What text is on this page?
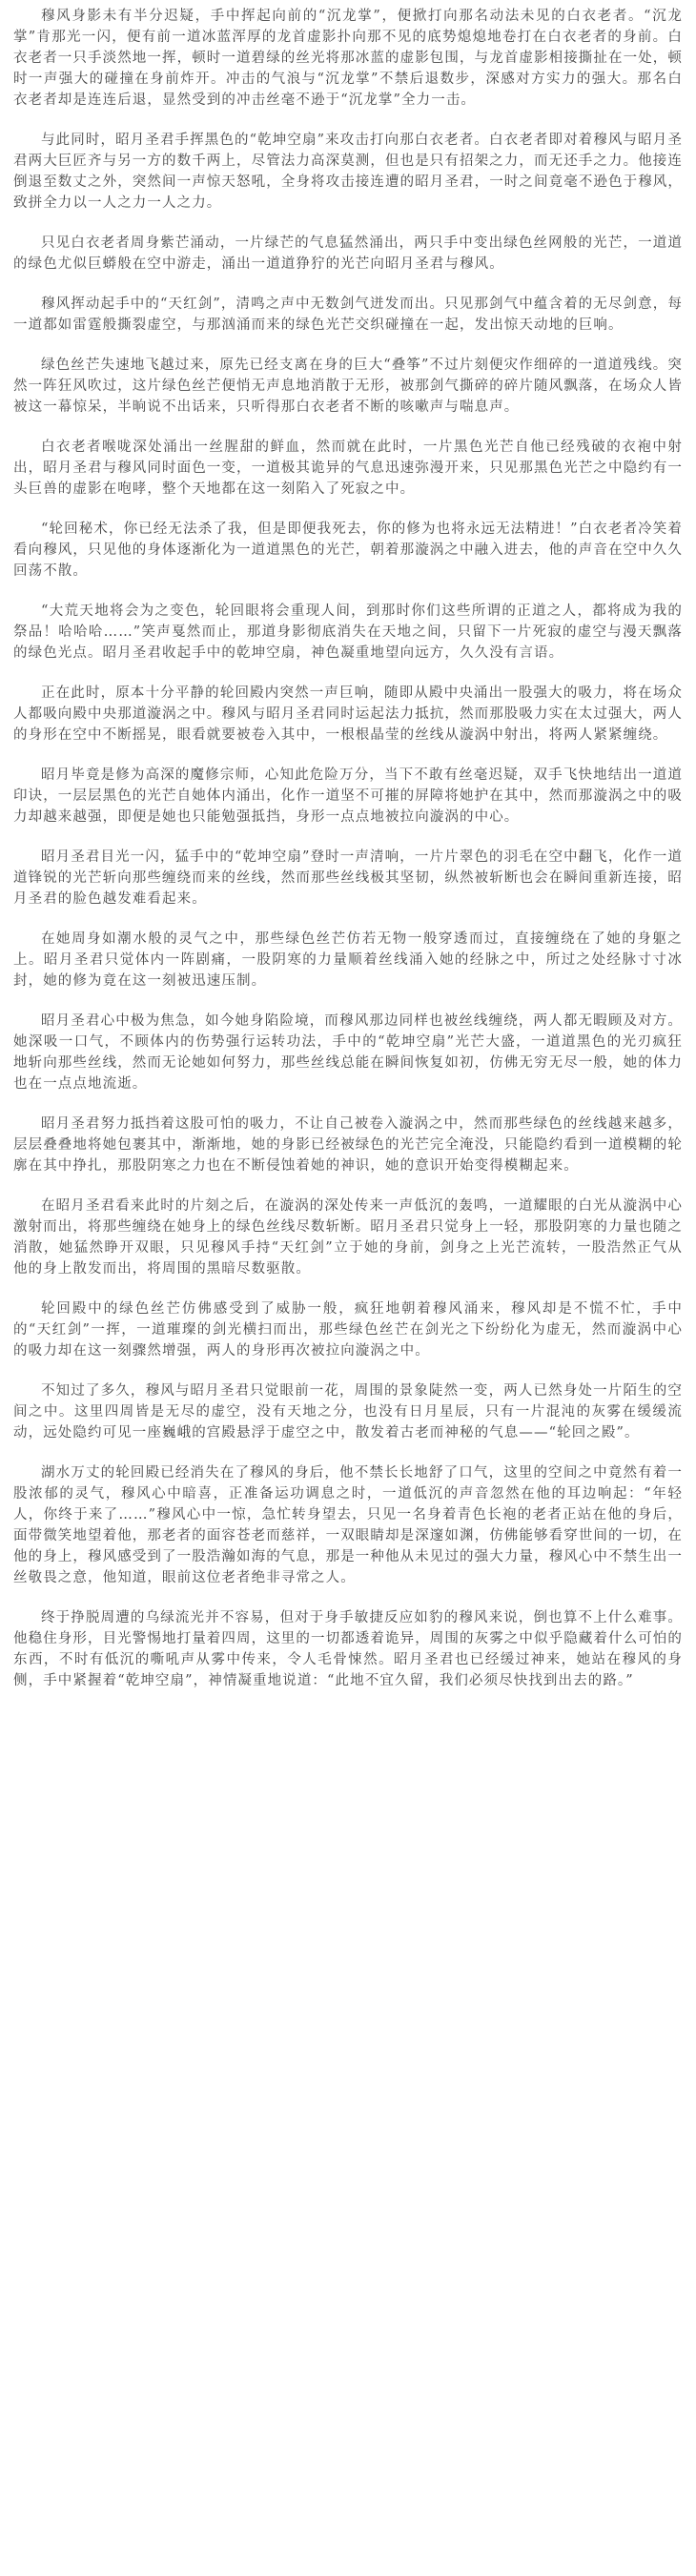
穆风身影未有半分迟疑，手中挥起向前的“沉龙掌”，便掀打向那名动法未见的白衣老者。“沉龙掌”肯那光一闪，便有前一道冰蓝浑厚的龙首虚影扑向那不见的底势熄熄地卷打在白衣老者的身前。白衣老者一只手淡然地一挥，顿时一道碧绿的丝光将那冰蓝的虚影包围，与龙首虚影相接撕扯在一处，顿时一声强大的碰撞在身前炸开。冲击的气浪与“沉龙掌”不禁后退数步，深感对方实力的强大。那名白衣老者却是连连后退，显然受到的冲击丝毫不逊于“沉龙掌”全力一击。

与此同时，昭月圣君手挥黑色的“乾坤空扇”来攻击打向那白衣老者。白衣老者即对着穆风与昭月圣君两大巨匠齐与另一方的数千两上，尽管法力高深莫测，但也是只有招架之力，而无还手之力。他接连倒退至数丈之外，突然间一声惊天怒吼，全身将攻击接连遭的昭月圣君，一时之间竟毫不逊色于穆风，致拼全力以一人之力一人之力。

只见白衣老者周身紫芒涌动，一片绿芒的气息猛然涌出，两只手中变出绿色丝网般的光芒，一道道的绿色尤似巨蟒般在空中游走，涌出一道道狰狞的光芒向昭月圣君与穆风。

穆风挥动起手中的“天红剑”，清鸣之声中无数剑气迸发而出。只见那剑气中蕴含着的无尽剑意，每一道都如雷霆般撕裂虚空，与那汹涌而来的绿色光芒交织碰撞在一起，发出惊天动地的巨响。

绿色丝芒失速地飞越过来，原先已经支离在身的巨大“叠筝”不过片刻便灾作细碎的一道道残线。突然一阵狂风吹过，这片绿色丝芒便悄无声息地消散于无形，被那剑气撕碎的碎片随风飘落，在场众人皆被这一幕惊呆，半晌说不出话来，只听得那白衣老者不断的咳嗽声与喘息声。

白衣老者喉咙深处涌出一丝腥甜的鲜血，然而就在此时，一片黑色光芒自他已经残破的衣袍中射出，昭月圣君与穆风同时面色一变，一道极其诡异的气息迅速弥漫开来，只见那黑色光芒之中隐约有一头巨兽的虚影在咆哮，整个天地都在这一刻陷入了死寂之中。

“轮回秘术，你已经无法杀了我，但是即便我死去，你的修为也将永远无法精进！”白衣老者冷笑着看向穆风，只见他的身体逐渐化为一道道黑色的光芒，朝着那漩涡之中融入进去，他的声音在空中久久回荡不散。

“大荒天地将会为之变色，轮回眼将会重现人间，到那时你们这些所谓的正道之人，都将成为我的祭品！哈哈哈……”笑声戛然而止，那道身影彻底消失在天地之间，只留下一片死寂的虚空与漫天飘落的绿色光点。昭月圣君收起手中的乾坤空扇，神色凝重地望向远方，久久没有言语。

正在此时，原本十分平静的轮回殿内突然一声巨响，随即从殿中央涌出一股强大的吸力，将在场众人都吸向殿中央那道漩涡之中。穆风与昭月圣君同时运起法力抵抗，然而那股吸力实在太过强大，两人的身形在空中不断摇晃，眼看就要被卷入其中，一根根晶莹的丝线从漩涡中射出，将两人紧紧缠绕。

昭月毕竟是修为高深的魔修宗师，心知此危险万分，当下不敢有丝毫迟疑，双手飞快地结出一道道印诀，一层层黑色的光芒自她体内涌出，化作一道坚不可摧的屏障将她护在其中，然而那漩涡之中的吸力却越来越强，即便是她也只能勉强抵挡，身形一点点地被拉向漩涡的中心。

昭月圣君目光一闪，猛手中的“乾坤空扇”登时一声清响，一片片翠色的羽毛在空中翻飞，化作一道道锋锐的光芒斩向那些缠绕而来的丝线，然而那些丝线极其坚韧，纵然被斩断也会在瞬间重新连接，昭月圣君的脸色越发难看起来。

在她周身如潮水般的灵气之中，那些绿色丝芒仿若无物一般穿透而过，直接缠绕在了她的身躯之上。昭月圣君只觉体内一阵剧痛，一股阴寒的力量顺着丝线涌入她的经脉之中，所过之处经脉寸寸冰封，她的修为竟在这一刻被迅速压制。

昭月圣君心中极为焦急，如今她身陷险境，而穆风那边同样也被丝线缠绕，两人都无暇顾及对方。她深吸一口气，不顾体内的伤势强行运转功法，手中的“乾坤空扇”光芒大盛，一道道黑色的光刃疯狂地斩向那些丝线，然而无论她如何努力，那些丝线总能在瞬间恢复如初，仿佛无穷无尽一般，她的体力也在一点点地流逝。

昭月圣君努力抵挡着这股可怕的吸力，不让自己被卷入漩涡之中，然而那些绿色的丝线越来越多，层层叠叠地将她包裹其中，渐渐地，她的身影已经被绿色的光芒完全淹没，只能隐约看到一道模糊的轮廓在其中挣扎，那股阴寒之力也在不断侵蚀着她的神识，她的意识开始变得模糊起来。

在昭月圣君看来此时的片刻之后，在漩涡的深处传来一声低沉的轰鸣，一道耀眼的白光从漩涡中心激射而出，将那些缠绕在她身上的绿色丝线尽数斩断。昭月圣君只觉身上一轻，那股阴寒的力量也随之消散，她猛然睁开双眼，只见穆风手持“天红剑”立于她的身前，剑身之上光芒流转，一股浩然正气从他的身上散发而出，将周围的黑暗尽数驱散。

轮回殿中的绿色丝芒仿佛感受到了威胁一般，疯狂地朝着穆风涌来，穆风却是不慌不忙，手中的“天红剑”一挥，一道璀璨的剑光横扫而出，那些绿色丝芒在剑光之下纷纷化为虚无，然而漩涡中心的吸力却在这一刻骤然增强，两人的身形再次被拉向漩涡之中。

不知过了多久，穆风与昭月圣君只觉眼前一花，周围的景象陡然一变，两人已然身处一片陌生的空间之中。这里四周皆是无尽的虚空，没有天地之分，也没有日月星辰，只有一片混沌的灰雾在缓缓流动，远处隐约可见一座巍峨的宫殿悬浮于虚空之中，散发着古老而神秘的气息——“轮回之殿”。

湖水万丈的轮回殿已经消失在了穆风的身后，他不禁长长地舒了口气，这里的空间之中竟然有着一股浓郁的灵气，穆风心中暗喜，正准备运功调息之时，一道低沉的声音忽然在他的耳边响起：“年轻人，你终于来了……”穆风心中一惊，急忙转身望去，只见一名身着青色长袍的老者正站在他的身后，面带微笑地望着他，那老者的面容苍老而慈祥，一双眼睛却是深邃如渊，仿佛能够看穿世间的一切，在他的身上，穆风感受到了一股浩瀚如海的气息，那是一种他从未见过的强大力量，穆风心中不禁生出一丝敬畏之意，他知道，眼前这位老者绝非寻常之人。

终于挣脱周遭的乌绿流光并不容易，但对于身手敏捷反应如豹的穆风来说，倒也算不上什么难事。他稳住身形，目光警惕地打量着四周，这里的一切都透着诡异，周围的灰雾之中似乎隐藏着什么可怕的东西，不时有低沉的嘶吼声从雾中传来，令人毛骨悚然。昭月圣君也已经缓过神来，她站在穆风的身侧，手中紧握着“乾坤空扇”，神情凝重地说道：“此地不宜久留，我们必须尽快找到出去的路。”
